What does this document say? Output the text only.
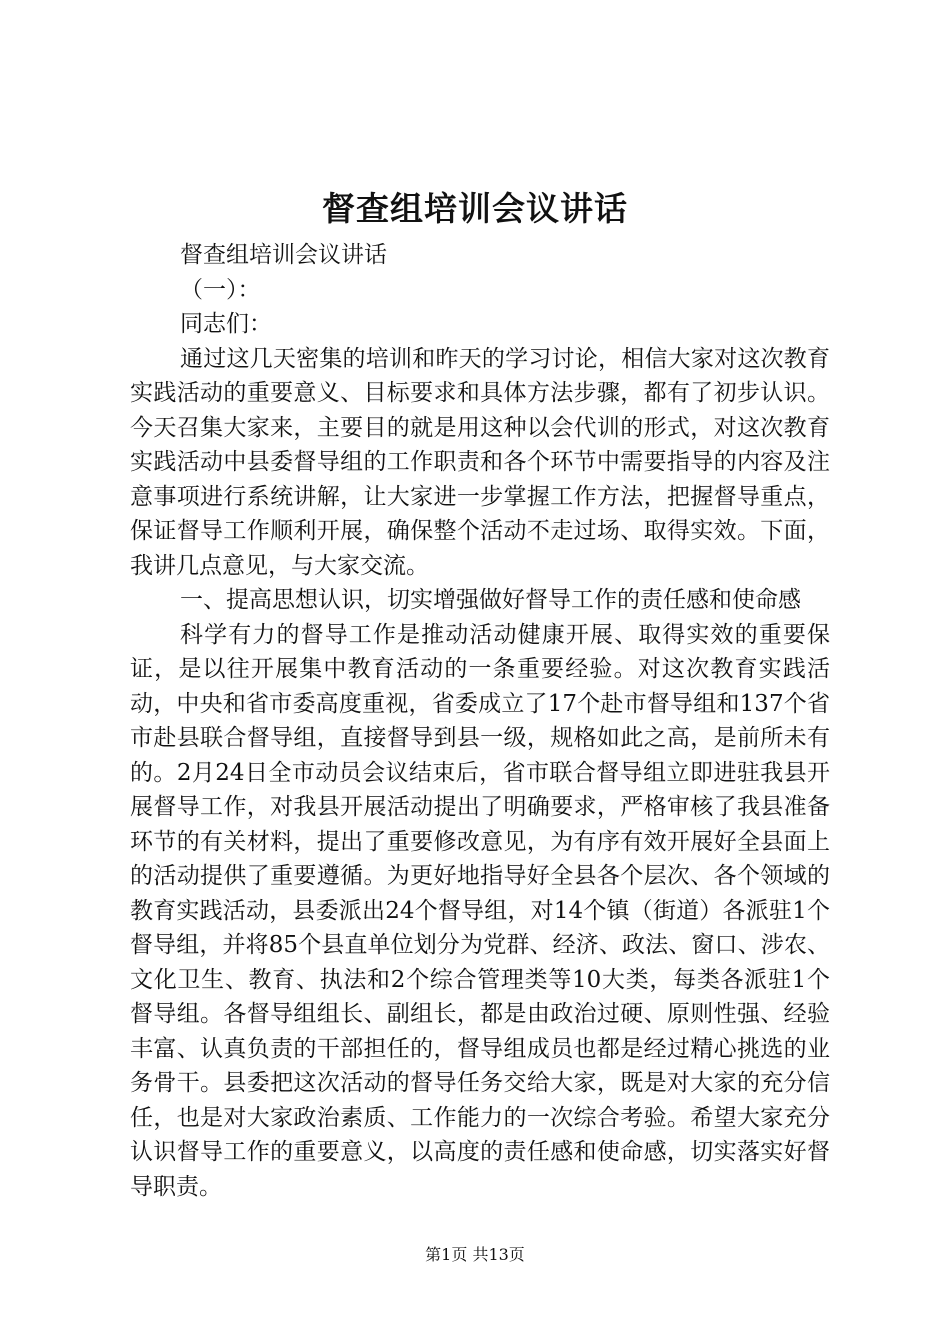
督查组培训会议讲话

督查组培训会议讲话

（一）：

同志们：

通过这几天密集的培训和昨天的学习讨论，相信大家对这次教育实践活动的重要意义、目标要求和具体方法步骤，都有了初步认识。今天召集大家来，主要目的就是用这种以会代训的形式，对这次教育实践活动中县委督导组的工作职责和各个环节中需要指导的内容及注意事项进行系统讲解，让大家进一步掌握工作方法，把握督导重点，保证督导工作顺利开展，确保整个活动不走过场、取得实效。下面，我讲几点意见，与大家交流。

一、提高思想认识，切实增强做好督导工作的责任感和使命感

科学有力的督导工作是推动活动健康开展、取得实效的重要保证，是以往开展集中教育活动的一条重要经验。对这次教育实践活动，中央和省市委高度重视，省委成立了17个赴市督导组和137个省市赴县联合督导组，直接督导到县一级，规格如此之高，是前所未有的。2月24日全市动员会议结束后，省市联合督导组立即进驻我县开展督导工作，对我县开展活动提出了明确要求，严格审核了我县准备环节的有关材料，提出了重要修改意见，为有序有效开展好全县面上的活动提供了重要遵循。为更好地指导好全县各个层次、各个领域的教育实践活动，县委派出24个督导组，对14个镇（街道）各派驻1个督导组，并将85个县直单位划分为党群、经济、政法、窗口、涉农、文化卫生、教育、执法和2个综合管理类等10大类，每类各派驻1个督导组。各督导组组长、副组长，都是由政治过硬、原则性强、经验丰富、认真负责的干部担任的，督导组成员也都是经过精心挑选的业务骨干。县委把这次活动的督导任务交给大家，既是对大家的充分信任，也是对大家政治素质、工作能力的一次综合考验。希望大家充分认识督导工作的重要意义，以高度的责任感和使命感，切实落实好督导职责。

第1页 共13页
